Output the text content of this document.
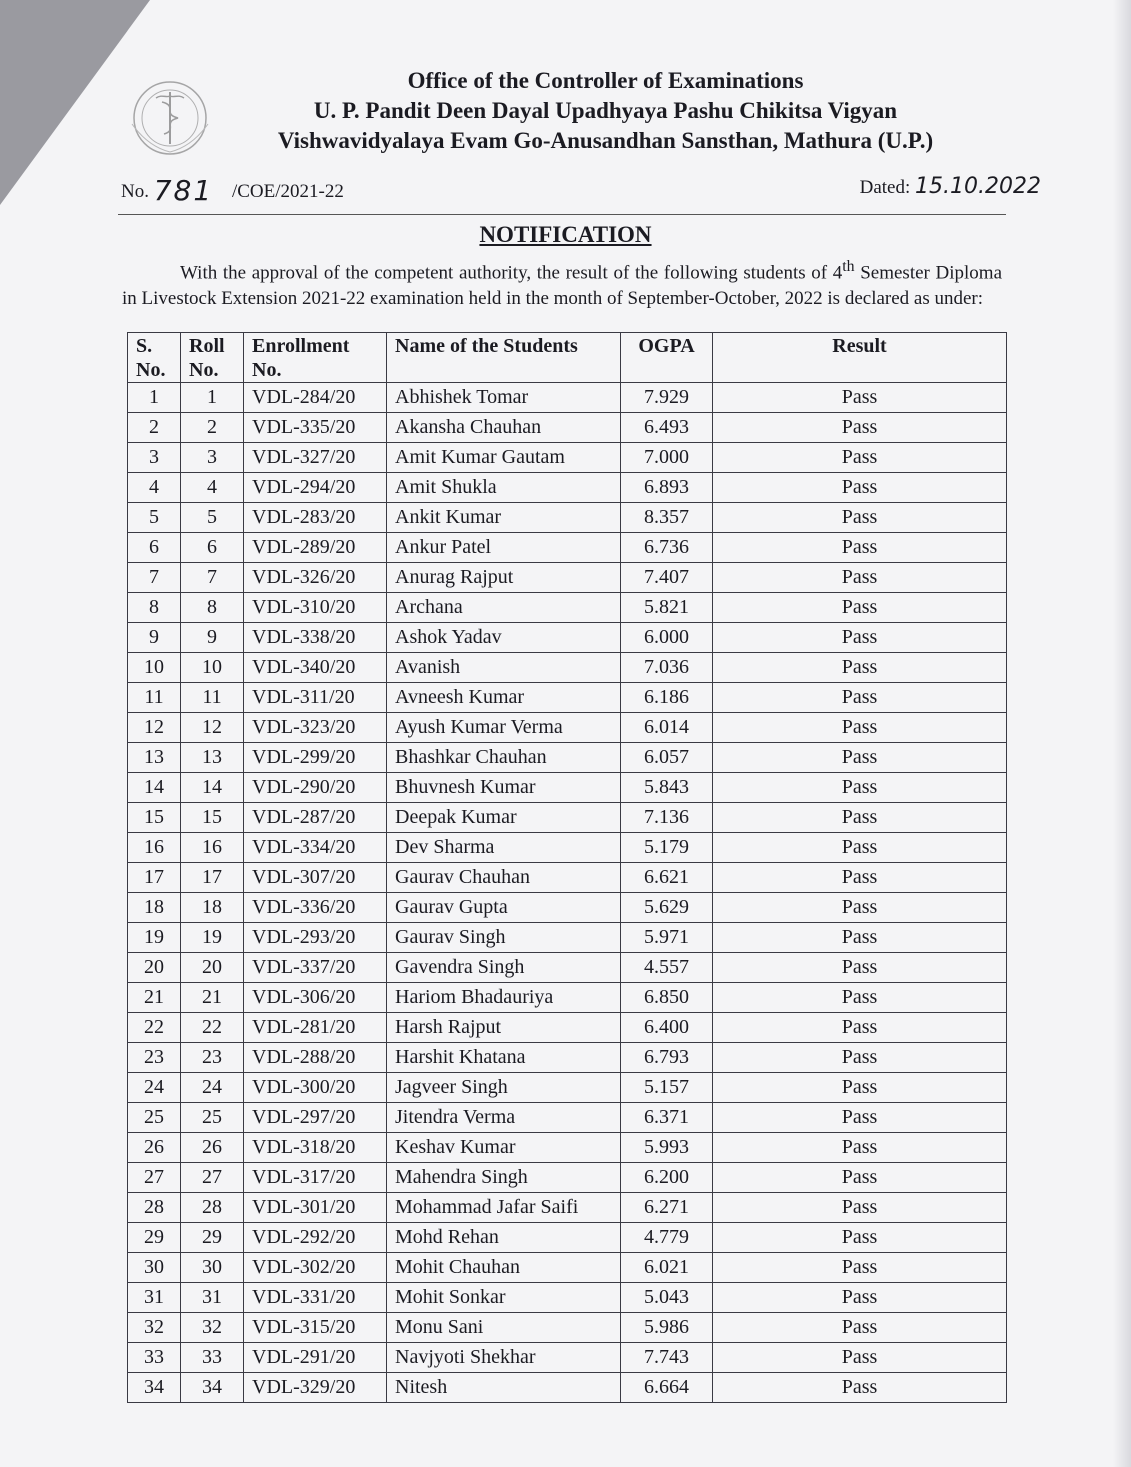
Office of the Controller of Examinations
U. P. Pandit Deen Dayal Upadhyaya Pashu Chikitsa Vigyan
Vishwavidyalaya Evam Go-Anusandhan Sansthan, Mathura (U.P.)
No. 781 /COE/2021-22	Dated: 15.10.2022
NOTIFICATION

With the approval of the competent authority, the result of the following students of 4th Semester Diploma in Livestock Extension 2021-22 examination held in the month of September-October, 2022 is declared as under:

S. No.	Roll No.	Enrollment No.	Name of the Students	OGPA	Result
1	1	VDL-284/20	Abhishek Tomar	7.929	Pass
2	2	VDL-335/20	Akansha Chauhan	6.493	Pass
3	3	VDL-327/20	Amit Kumar Gautam	7.000	Pass
4	4	VDL-294/20	Amit Shukla	6.893	Pass
5	5	VDL-283/20	Ankit Kumar	8.357	Pass
6	6	VDL-289/20	Ankur Patel	6.736	Pass
7	7	VDL-326/20	Anurag Rajput	7.407	Pass
8	8	VDL-310/20	Archana	5.821	Pass
9	9	VDL-338/20	Ashok Yadav	6.000	Pass
10	10	VDL-340/20	Avanish	7.036	Pass
11	11	VDL-311/20	Avneesh Kumar	6.186	Pass
12	12	VDL-323/20	Ayush Kumar Verma	6.014	Pass
13	13	VDL-299/20	Bhashkar Chauhan	6.057	Pass
14	14	VDL-290/20	Bhuvnesh Kumar	5.843	Pass
15	15	VDL-287/20	Deepak Kumar	7.136	Pass
16	16	VDL-334/20	Dev Sharma	5.179	Pass
17	17	VDL-307/20	Gaurav Chauhan	6.621	Pass
18	18	VDL-336/20	Gaurav Gupta	5.629	Pass
19	19	VDL-293/20	Gaurav Singh	5.971	Pass
20	20	VDL-337/20	Gavendra Singh	4.557	Pass
21	21	VDL-306/20	Hariom Bhadauriya	6.850	Pass
22	22	VDL-281/20	Harsh Rajput	6.400	Pass
23	23	VDL-288/20	Harshit Khatana	6.793	Pass
24	24	VDL-300/20	Jagveer Singh	5.157	Pass
25	25	VDL-297/20	Jitendra Verma	6.371	Pass
26	26	VDL-318/20	Keshav Kumar	5.993	Pass
27	27	VDL-317/20	Mahendra Singh	6.200	Pass
28	28	VDL-301/20	Mohammad Jafar Saifi	6.271	Pass
29	29	VDL-292/20	Mohd Rehan	4.779	Pass
30	30	VDL-302/20	Mohit Chauhan	6.021	Pass
31	31	VDL-331/20	Mohit Sonkar	5.043	Pass
32	32	VDL-315/20	Monu Sani	5.986	Pass
33	33	VDL-291/20	Navjyoti Shekhar	7.743	Pass
34	34	VDL-329/20	Nitesh	6.664	Pass
